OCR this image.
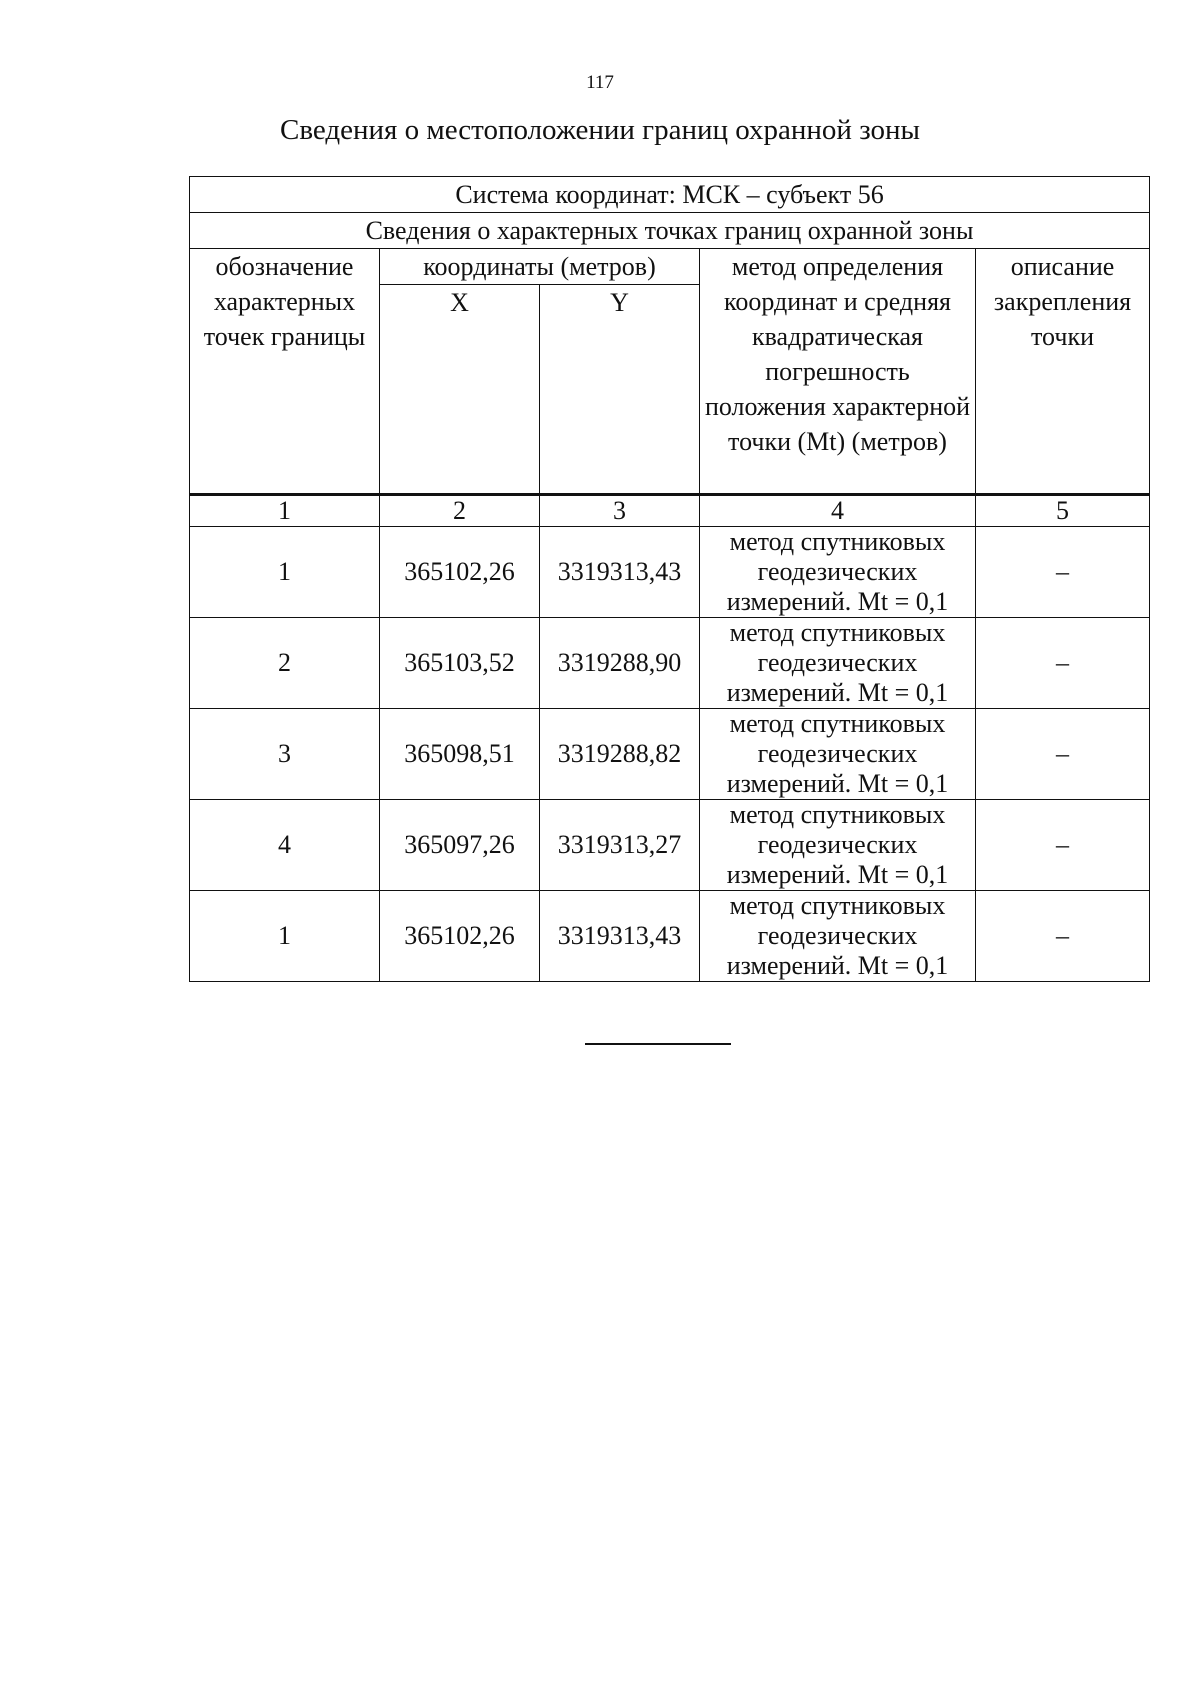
117
Сведения о местоположении границ охранной зоны
Система координат: МСК – субъект 56				
Сведения о характерных точках границ охранной зоны				
обозначение характерных точек границы	координаты (метров)		метод определения координат и средняя квадратическая погрешность положения характерной точки (Mt) (метров)	описание закрепления точки
	X	Y		
1	2	3	4	5
1	365102,26	3319313,43	метод спутниковых геодезических измерений. Mt = 0,1	–
2	365103,52	3319288,90	метод спутниковых геодезических измерений. Mt = 0,1	–
3	365098,51	3319288,82	метод спутниковых геодезических измерений. Mt = 0,1	–
4	365097,26	3319313,27	метод спутниковых геодезических измерений. Mt = 0,1	–
1	365102,26	3319313,43	метод спутниковых геодезических измерений. Mt = 0,1	–
